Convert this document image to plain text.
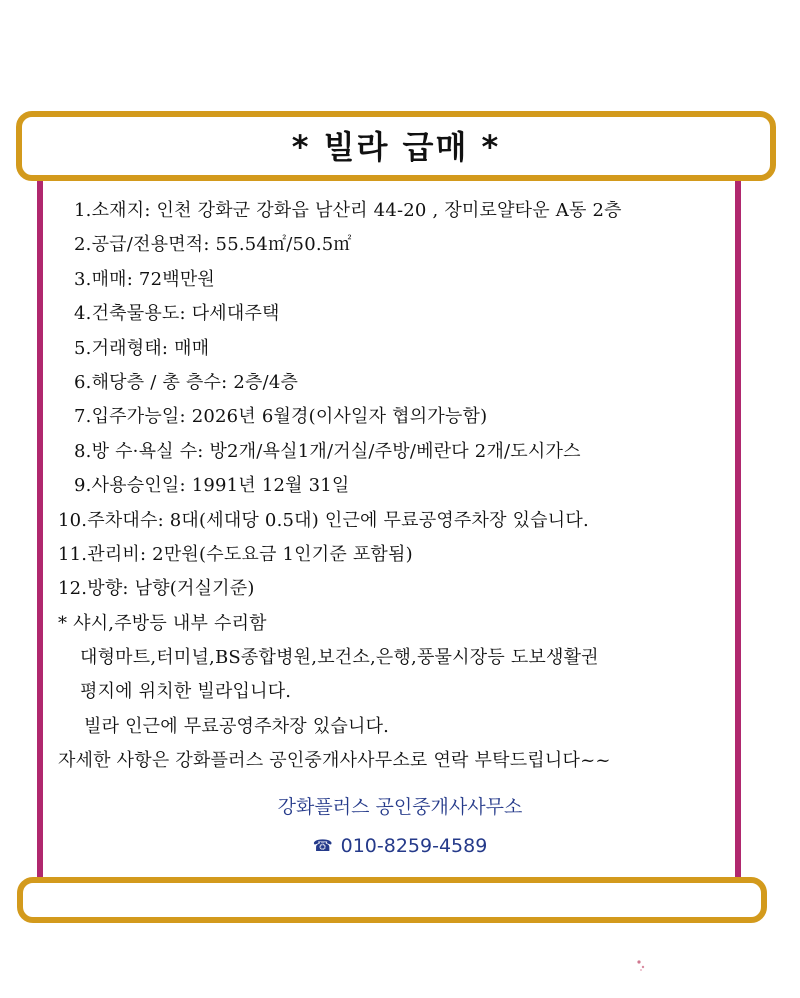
* 빌라 급매 *
1.소재지: 인천 강화군 강화읍 남산리 44-20 , 장미로얄타운 A동 2층
2.공급/전용면적: 55.54㎡/50.5㎡
3.매매: 72백만원
4.건축물용도: 다세대주택
5.거래형태: 매매
6.해당층 / 총 층수: 2층/4층
7.입주가능일: 2026년 6월경(이사일자 협의가능함)
8.방 수·욕실 수: 방2개/욕실1개/거실/주방/베란다 2개/도시가스
9.사용승인일: 1991년 12월 31일
10.주차대수: 8대(세대당 0.5대) 인근에 무료공영주차장 있습니다.
11.관리비: 2만원(수도요금 1인기준 포함됨)
12.방향: 남향(거실기준)
* 샤시,주방등 내부 수리함
대형마트,터미널,BS종합병원,보건소,은행,풍물시장등 도보생활권
평지에 위치한 빌라입니다.
빌라 인근에 무료공영주차장 있습니다.
자세한 사항은 강화플러스 공인중개사사무소로 연락 부탁드립니다~~
강화플러스 공인중개사사무소
☎ 010-8259-4589
